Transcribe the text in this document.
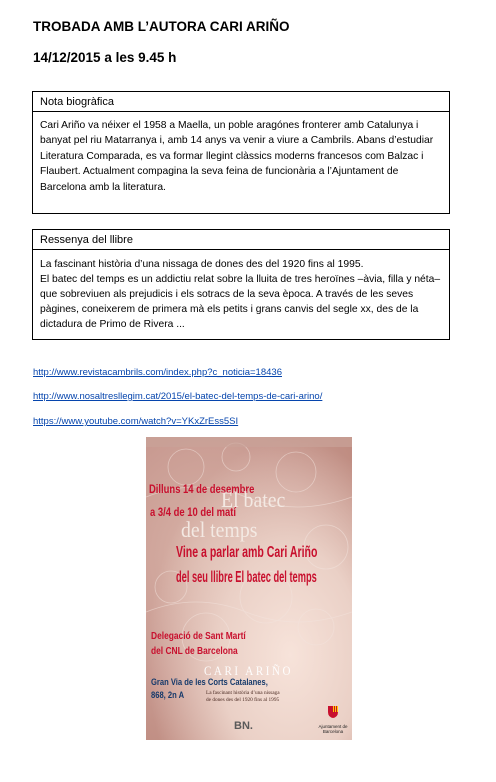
TROBADA AMB L’AUTORA CARI ARIÑO
14/12/2015 a les 9.45 h
Nota biogràfica
Cari Ariño va néixer el 1958 a Maella, un poble aragónes fronterer amb Catalunya i banyat pel riu Matarranya i, amb 14 anys va venir a viure a Cambrils. Abans d’estudiar Literatura Comparada, es va formar llegint clàssics moderns francesos com Balzac i Flaubert. Actualment compagina la seva feina de funcionària a l’Ajuntament de Barcelona amb la literatura.
Ressenya del llibre
La fascinant història d’una nissaga de dones des del 1920 fins al 1995.
El batec del temps es un addictiu relat sobre la lluita de tres heroïnes –àvia, filla y néta– que sobreviuen als prejudicis i els sotracs de la seva època. A través de les seves pàgines, coneixerem de primera mà els petits i grans canvis del segle xx, des de la dictadura de Primo de Rivera ...
http://www.revistacambrils.com/index.php?c_noticia=18436
http://www.nosaltresllegim.cat/2015/el-batec-del-temps-de-cari-arino/
https://www.youtube.com/watch?v=YKxZrEss5SI
Dilluns 14 de desembre
a 3/4 de 10 del matí
El batec
del temps
Vine a parlar amb Cari Ariño
del seu llibre El batec del temps
Delegació de Sant Martí
del CNL de Barcelona
CARI ARIÑO
Gran Via de les Corts Catalanes,
868, 2n A	La fascinant història d’una nissaga
de dones des del 1920 fins al 1995
BN.	Ajuntament de
Barcelona
